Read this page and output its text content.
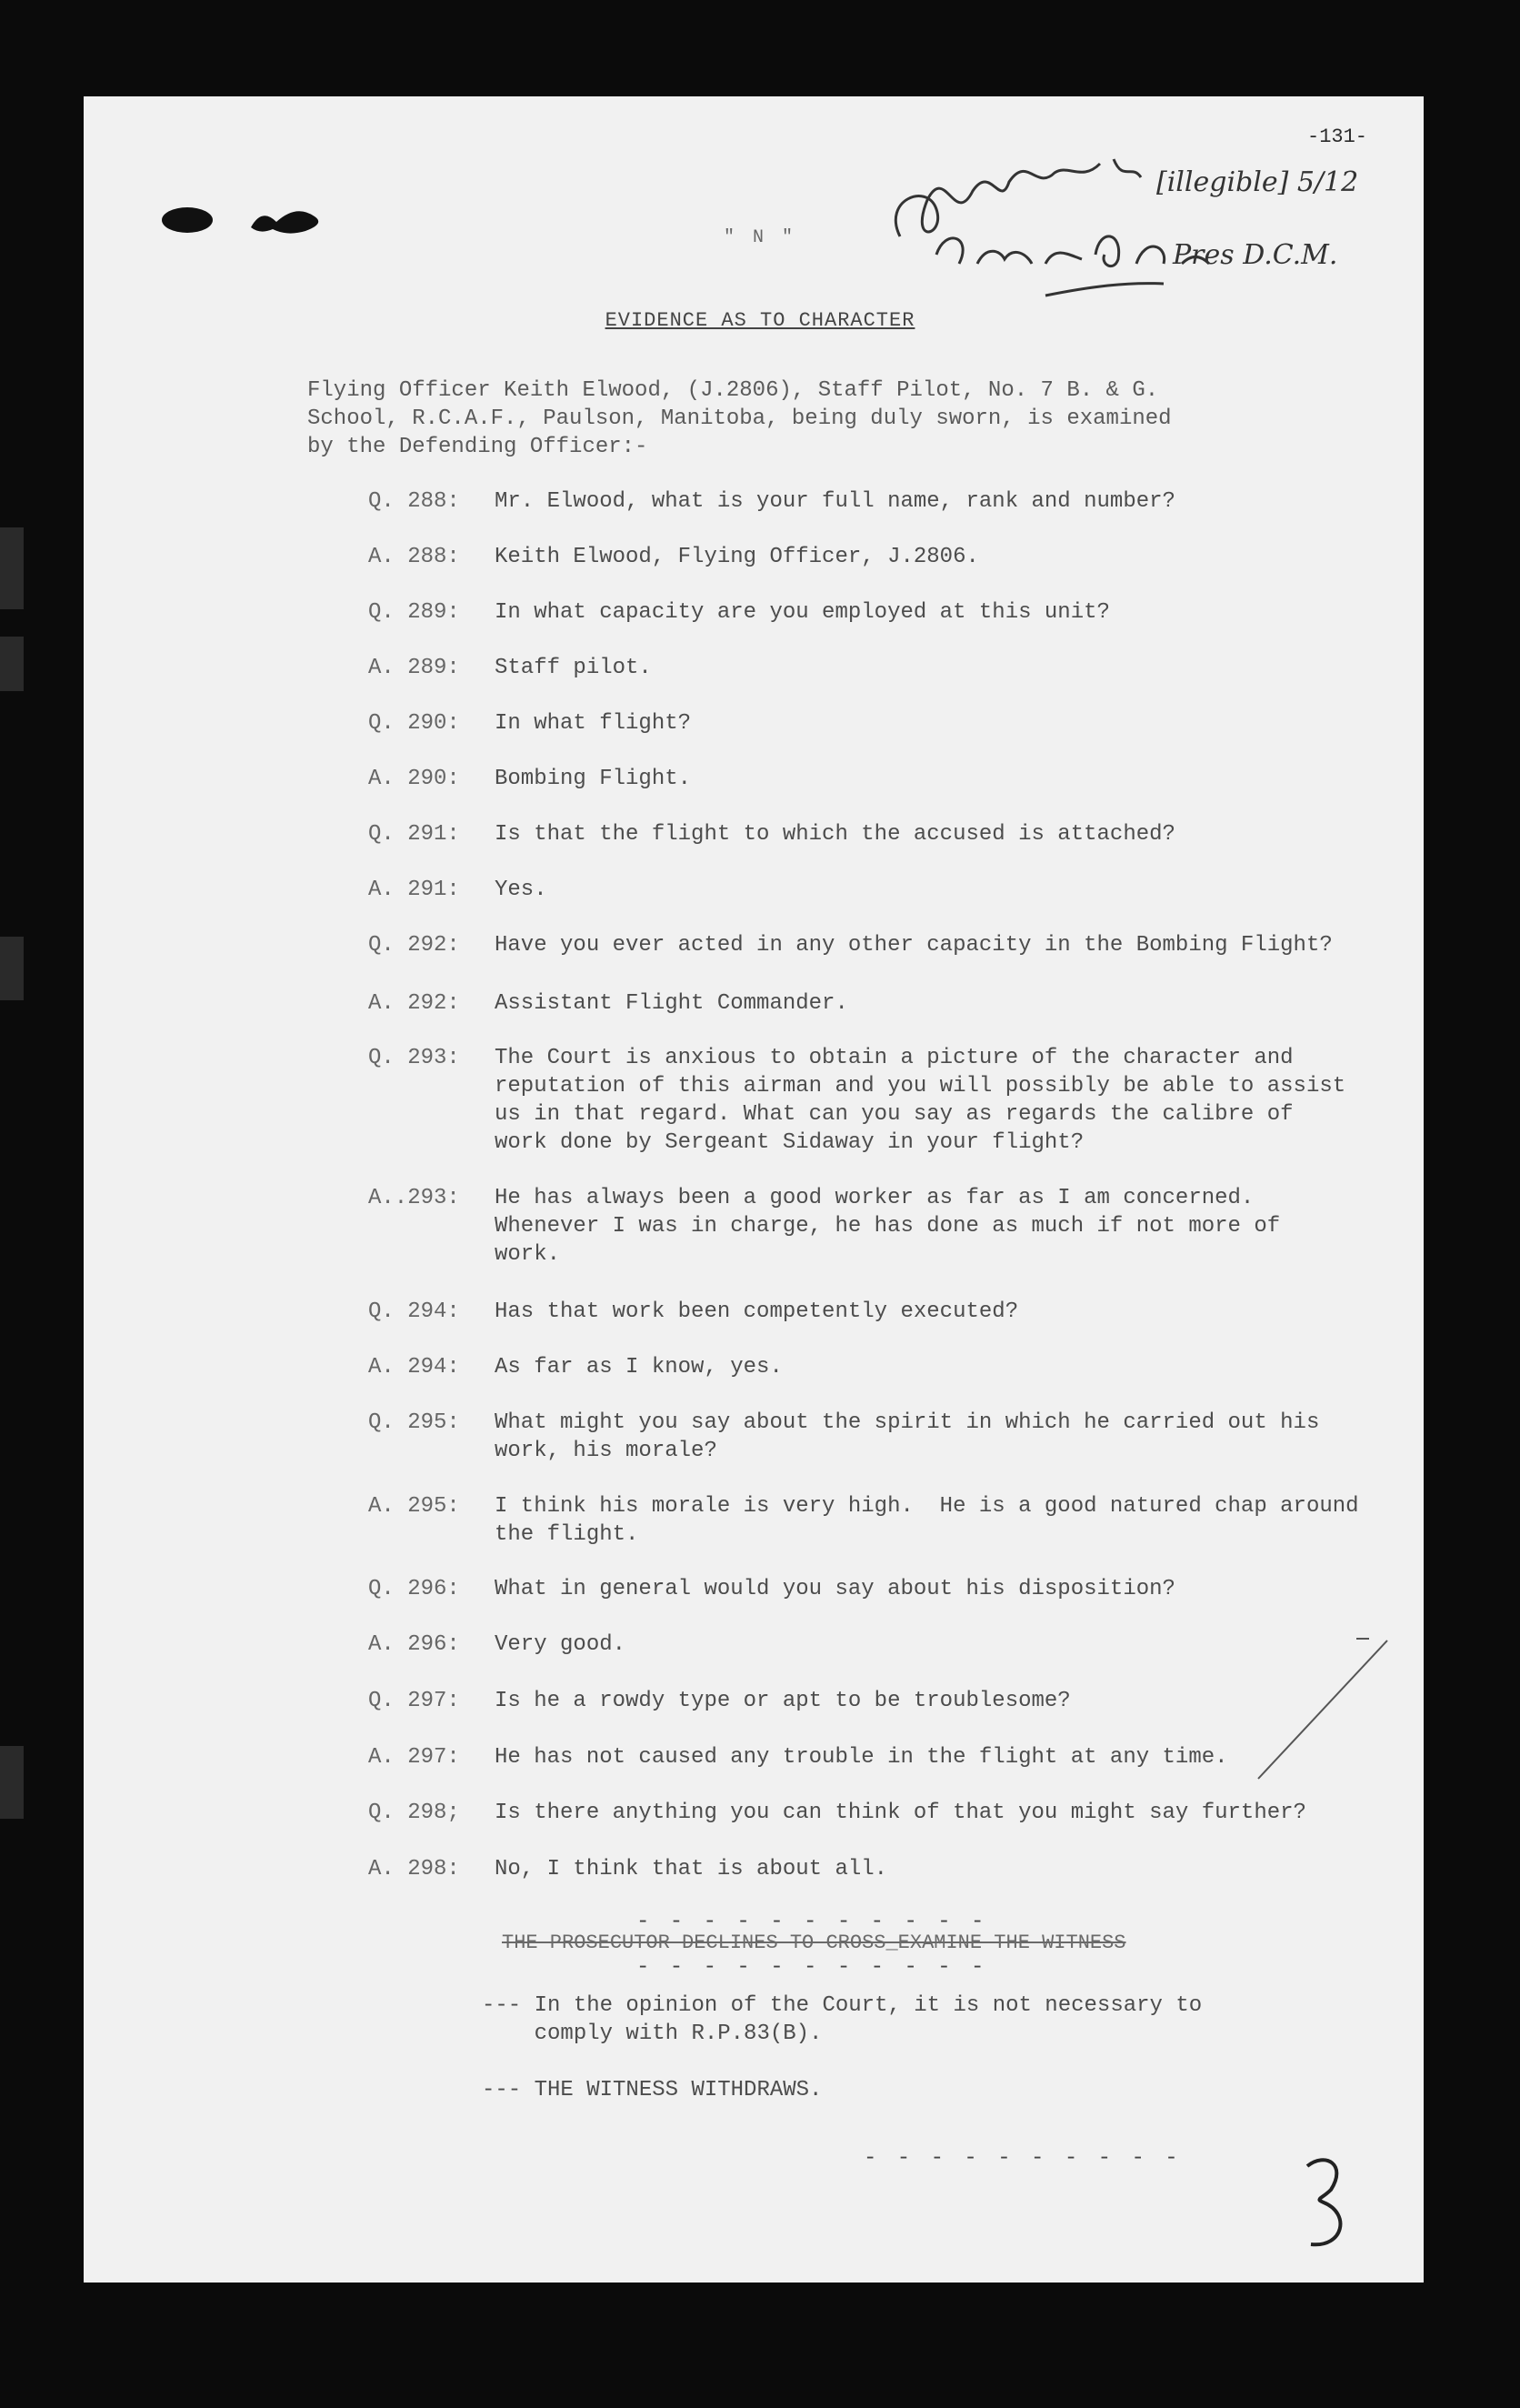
-131-
[illegible] 5/12
Pres D.C.M.
" N "
EVIDENCE AS TO CHARACTER
Flying Officer Keith Elwood, (J.2806), Staff Pilot, No. 7 B. & G.
School, R.C.A.F., Paulson, Manitoba, being duly sworn, is examined
by the Defending Officer:-
Q. 288: Mr. Elwood, what is your full name, rank and number?
A. 288: Keith Elwood, Flying Officer, J.2806.
Q. 289: In what capacity are you employed at this unit?
A. 289: Staff pilot.
Q. 290: In what flight?
A. 290: Bombing Flight.
Q. 291: Is that the flight to which the accused is attached?
A. 291: Yes.
Q. 292: Have you ever acted in any other capacity in the Bombing Flight?
A. 292: Assistant Flight Commander.
Q. 293: The Court is anxious to obtain a picture of the character and
reputation of this airman and you will possibly be able to assist
us in that regard. What can you say as regards the calibre of
work done by Sergeant Sidaway in your flight?
A..293: He has always been a good worker as far as I am concerned.
Whenever I was in charge, he has done as much if not more of
work.
Q. 294: Has that work been competently executed?
A. 294: As far as I know, yes.
Q. 295: What might you say about the spirit in which he carried out his
work, his morale?
A. 295: I think his morale is very high.  He is a good natured chap around
the flight.
Q. 296: What in general would you say about his disposition?
A. 296: Very good.
Q. 297: Is he a rowdy type or apt to be troublesome?
A. 297: He has not caused any trouble in the flight at any time.
Q. 298; Is there anything you can think of that you might say further?
A. 298: No, I think that is about all.
- - - - - - - - - - -
THE PROSECUTOR DECLINES TO CROSS_EXAMINE THE WITNESS
- - - - - - - - - - -
--- In the opinion of the Court, it is not necessary to
comply with R.P.83(B).
--- THE WITNESS WITHDRAWS.
- - - - - - - - - -	3
